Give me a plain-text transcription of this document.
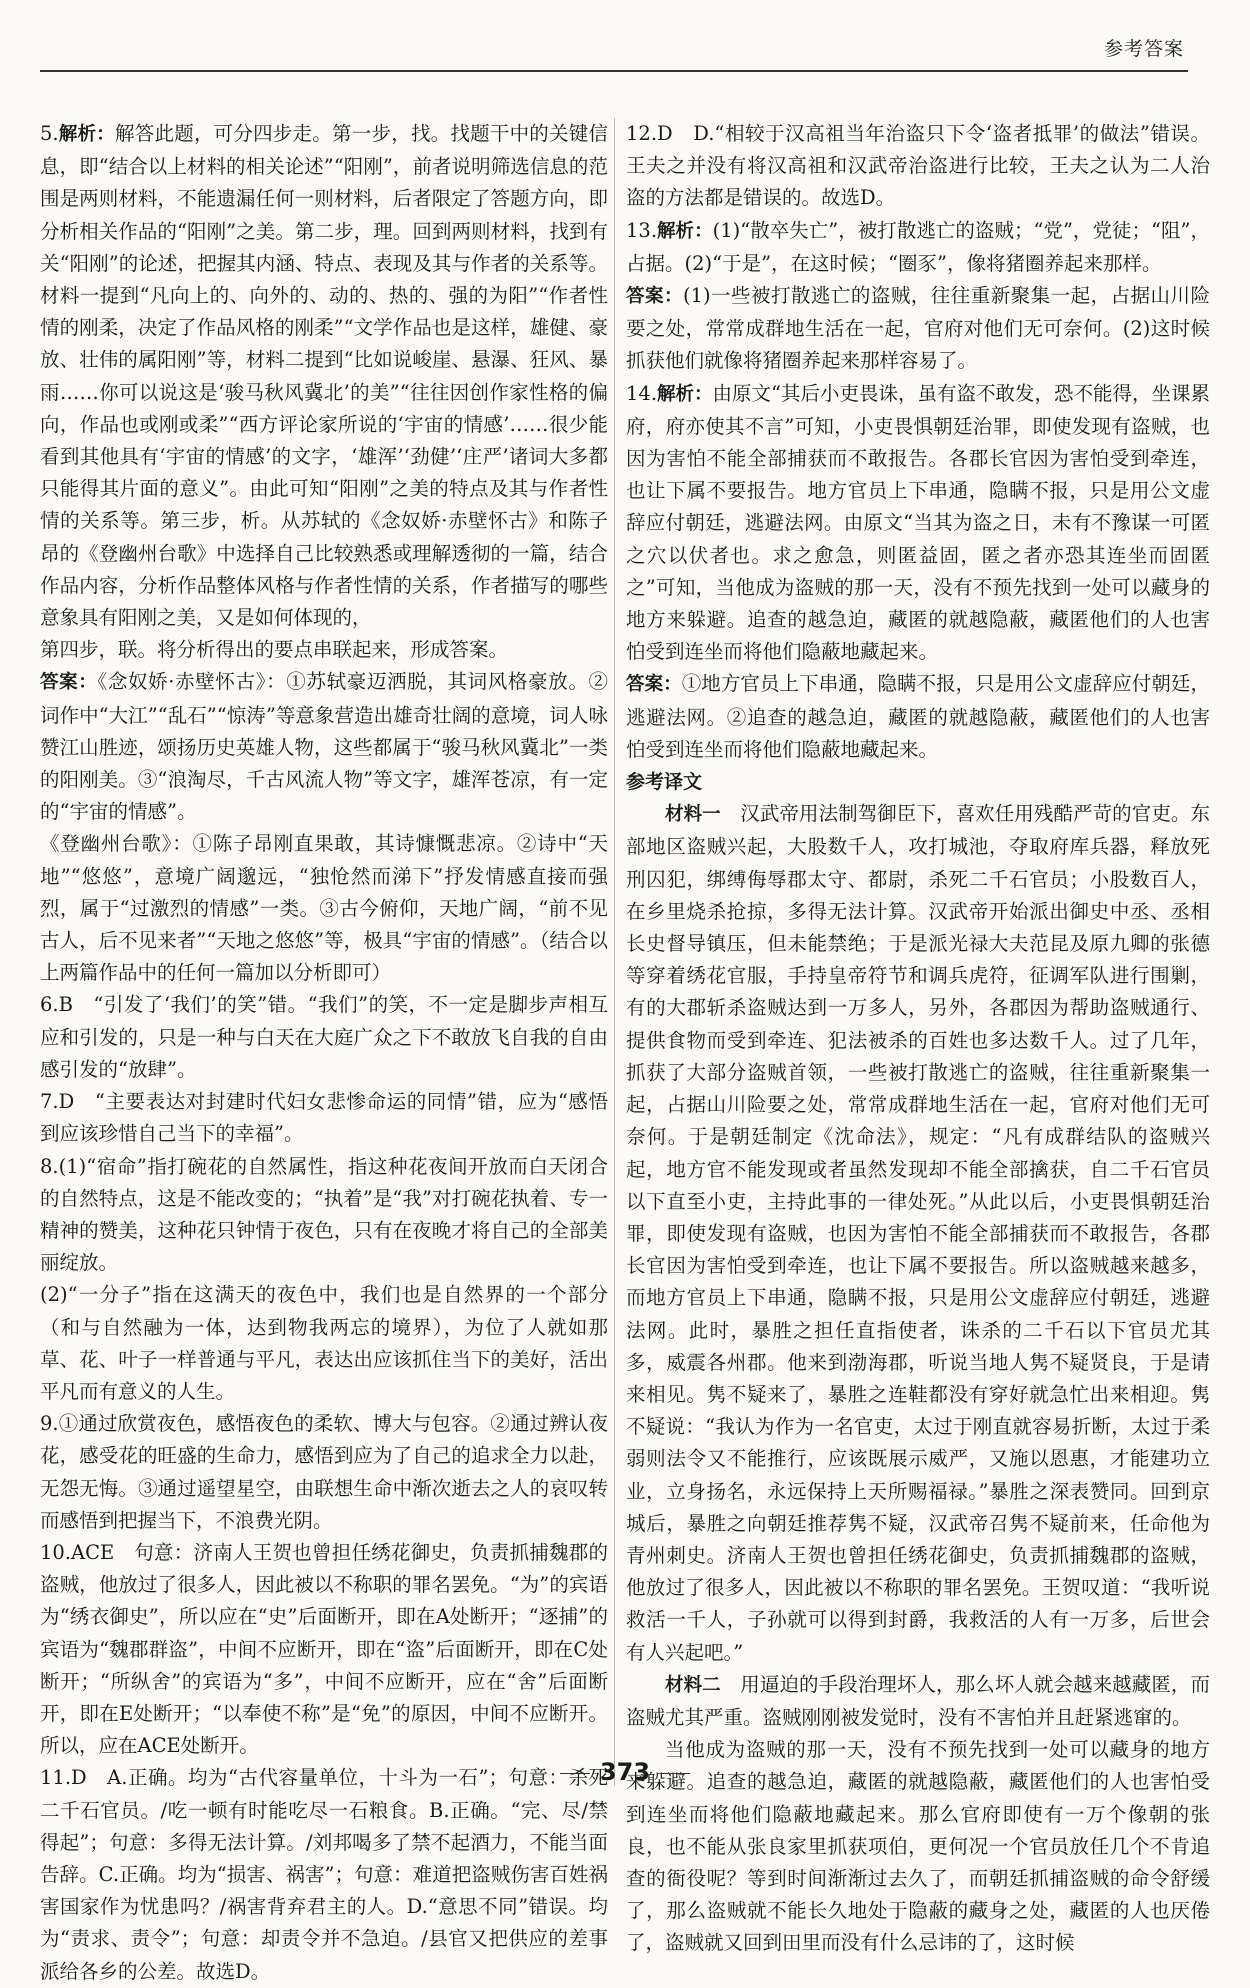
参考答案

5.解析：解答此题，可分四步走。第一步，找。找题干中的关键信息，即“结合以上材料的相关论述”“阳刚”，前者说明筛选信息的范围是两则材料，不能遗漏任何一则材料，后者限定了答题方向，即分析相关作品的“阳刚”之美。第二步，理。回到两则材料，找到有关“阳刚”的论述，把握其内涵、特点、表现及其与作者的关系等。材料一提到“凡向上的、向外的、动的、热的、强的为阳”“作者性情的刚柔，决定了作品风格的刚柔”“文学作品也是这样，雄健、豪放、壮伟的属阳刚”等，材料二提到“比如说峻崖、悬瀑、狂风、暴雨……你可以说这是‘骏马秋风冀北’的美”“往往因创作家性格的偏向，作品也或刚或柔”“西方评论家所说的‘宇宙的情感’……很少能看到其他具有‘宇宙的情感’的文字，‘雄浑’‘劲健’‘庄严’诸词大多都只能得其片面的意义”。由此可知“阳刚”之美的特点及其与作者性情的关系等。第三步，析。从苏轼的《念奴娇·赤壁怀古》和陈子昂的《登幽州台歌》中选择自己比较熟悉或理解透彻的一篇，结合作品内容，分析作品整体风格与作者性情的关系，作者描写的哪些意象具有阳刚之美，又是如何体现的，

第四步，联。将分析得出的要点串联起来，形成答案。

答案：《念奴娇·赤壁怀古》：①苏轼豪迈洒脱，其词风格豪放。②词作中“大江”“乱石”“惊涛”等意象营造出雄奇壮阔的意境，词人咏赞江山胜迹，颂扬历史英雄人物，这些都属于“骏马秋风冀北”一类的阳刚美。③“浪淘尽，千古风流人物”等文字，雄浑苍凉，有一定的“宇宙的情感”。

《登幽州台歌》：①陈子昂刚直果敢，其诗慷慨悲凉。②诗中“天地”“悠悠”，意境广阔邈远，“独怆然而涕下”抒发情感直接而强烈，属于“过激烈的情感”一类。③古今俯仰，天地广阔，“前不见古人，后不见来者”“天地之悠悠”等，极具“宇宙的情感”。（结合以上两篇作品中的任何一篇加以分析即可）

6.B　“引发了‘我们’的笑”错。“我们”的笑，不一定是脚步声相互应和引发的，只是一种与白天在大庭广众之下不敢放飞自我的自由感引发的“放肆”。

7.D　“主要表达对封建时代妇女悲惨命运的同情”错，应为“感悟到应该珍惜自己当下的幸福”。

8.(1)“宿命”指打碗花的自然属性，指这种花夜间开放而白天闭合的自然特点，这是不能改变的；“执着”是“我”对打碗花执着、专一精神的赞美，这种花只钟情于夜色，只有在夜晚才将自己的全部美丽绽放。

(2)“一分子”指在这满天的夜色中，我们也是自然界的一个部分（和与自然融为一体，达到物我两忘的境界），为位了人就如那草、花、叶子一样普通与平凡，表达出应该抓住当下的美好，活出平凡而有意义的人生。

9.①通过欣赏夜色，感悟夜色的柔软、博大与包容。②通过辨认夜花，感受花的旺盛的生命力，感悟到应为了自己的追求全力以赴，无怨无悔。③通过遥望星空，由联想生命中渐次逝去之人的哀叹转而感悟到把握当下，不浪费光阴。

10.ACE　句意：济南人王贺也曾担任绣花御史，负责抓捕魏郡的盗贼，他放过了很多人，因此被以不称职的罪名罢免。“为”的宾语为“绣衣御史”，所以应在“史”后面断开，即在A处断开；“逐捕”的宾语为“魏郡群盗”，中间不应断开，即在“盗”后面断开，即在C处断开；“所纵舍”的宾语为“多”，中间不应断开，应在“舍”后面断开，即在E处断开；“以奉使不称”是“免”的原因，中间不应断开。所以，应在ACE处断开。

11.D　A.正确。均为“古代容量单位，十斗为一石”；句意：杀死二千石官员。/吃一顿有时能吃尽一石粮食。B.正确。“完、尽/禁得起”；句意：多得无法计算。/刘邦喝多了禁不起酒力，不能当面告辞。C.正确。均为“损害、祸害”；句意：难道把盗贼伤害百姓祸害国家作为忧患吗？/祸害背弃君主的人。D.“意思不同”错误。均为“责求、责令”；句意：却责令并不急迫。/县官又把供应的差事派给各乡的公差。故选D。

12.D　D.“相较于汉高祖当年治盗只下令‘盗者抵罪’的做法”错误。王夫之并没有将汉高祖和汉武帝治盗进行比较，王夫之认为二人治盗的方法都是错误的。故选D。

13.解析：(1)“散卒失亡”，被打散逃亡的盗贼；“党”，党徒；“阻”，占据。(2)“于是”，在这时候；“圈豕”，像将猪圈养起来那样。

答案：(1)一些被打散逃亡的盗贼，往往重新聚集一起，占据山川险要之处，常常成群地生活在一起，官府对他们无可奈何。(2)这时候抓获他们就像将猪圈养起来那样容易了。

14.解析：由原文“其后小吏畏诛，虽有盗不敢发，恐不能得，坐课累府，府亦使其不言”可知，小吏畏惧朝廷治罪，即使发现有盗贼，也因为害怕不能全部捕获而不敢报告。各郡长官因为害怕受到牵连，也让下属不要报告。地方官员上下串通，隐瞒不报，只是用公文虚辞应付朝廷，逃避法网。由原文“当其为盗之日，未有不豫谋一可匿之穴以伏者也。求之愈急，则匿益固，匿之者亦恐其连坐而固匿之”可知，当他成为盗贼的那一天，没有不预先找到一处可以藏身的地方来躲避。追查的越急迫，藏匿的就越隐蔽，藏匿他们的人也害怕受到连坐而将他们隐蔽地藏起来。

答案：①地方官员上下串通，隐瞒不报，只是用公文虚辞应付朝廷，逃避法网。②追查的越急迫，藏匿的就越隐蔽，藏匿他们的人也害怕受到连坐而将他们隐蔽地藏起来。

参考译文

材料一　 汉武帝用法制驾御臣下，喜欢任用残酷严苛的官吏。东部地区盗贼兴起，大股数千人，攻打城池，夺取府库兵器，释放死刑囚犯，绑缚侮辱郡太守、都尉，杀死二千石官员；小股数百人，在乡里烧杀抢掠，多得无法计算。汉武帝开始派出御史中丞、丞相长史督导镇压，但未能禁绝；于是派光禄大夫范昆及原九卿的张德等穿着绣花官服，手持皇帝符节和调兵虎符，征调军队进行围剿，有的大郡斩杀盗贼达到一万多人，另外，各郡因为帮助盗贼通行、提供食物而受到牵连、犯法被杀的百姓也多达数千人。过了几年，抓获了大部分盗贼首领，一些被打散逃亡的盗贼，往往重新聚集一起，占据山川险要之处，常常成群地生活在一起，官府对他们无可奈何。于是朝廷制定《沈命法》，规定：“凡有成群结队的盗贼兴起，地方官不能发现或者虽然发现却不能全部擒获，自二千石官员以下直至小吏，主持此事的一律处死。”从此以后，小吏畏惧朝廷治罪，即使发现有盗贼，也因为害怕不能全部捕获而不敢报告，各郡长官因为害怕受到牵连，也让下属不要报告。所以盗贼越来越多，而地方官员上下串通，隐瞒不报，只是用公文虚辞应付朝廷，逃避法网。此时，暴胜之担任直指使者，诛杀的二千石以下官员尤其多，威震各州郡。他来到渤海郡，听说当地人隽不疑贤良，于是请来相见。隽不疑来了，暴胜之连鞋都没有穿好就急忙出来相迎。隽不疑说：“我认为作为一名官吏，太过于刚直就容易折断，太过于柔弱则法令又不能推行，应该既展示威严，又施以恩惠，才能建功立业，立身扬名，永远保持上天所赐福禄。”暴胜之深表赞同。回到京城后，暴胜之向朝廷推荐隽不疑，汉武帝召隽不疑前来，任命他为青州刺史。济南人王贺也曾担任绣花御史，负责抓捕魏郡的盗贼，他放过了很多人，因此被以不称职的罪名罢免。王贺叹道：“我听说救活一千人，子孙就可以得到封爵，我救活的人有一万多，后世会有人兴起吧。”

材料二　 用逼迫的手段治理坏人，那么坏人就会越来越藏匿，而盗贼尤其严重。盗贼刚刚被发觉时，没有不害怕并且赶紧逃窜的。

当他成为盗贼的那一天，没有不预先找到一处可以藏身的地方来躲避。追查的越急迫，藏匿的就越隐蔽，藏匿他们的人也害怕受到连坐而将他们隐蔽地藏起来。那么官府即使有一万个像朝的张良，也不能从张良家里抓获项伯，更何况一个官员放任几个不肯追查的衙役呢？等到时间渐渐过去久了，而朝廷抓捕盗贼的命令舒缓了，那么盗贼就不能长久地处于隐蔽的藏身之处，藏匿的人也厌倦了，盗贼就又回到田里而没有什么忌讳的了，这时候

373
